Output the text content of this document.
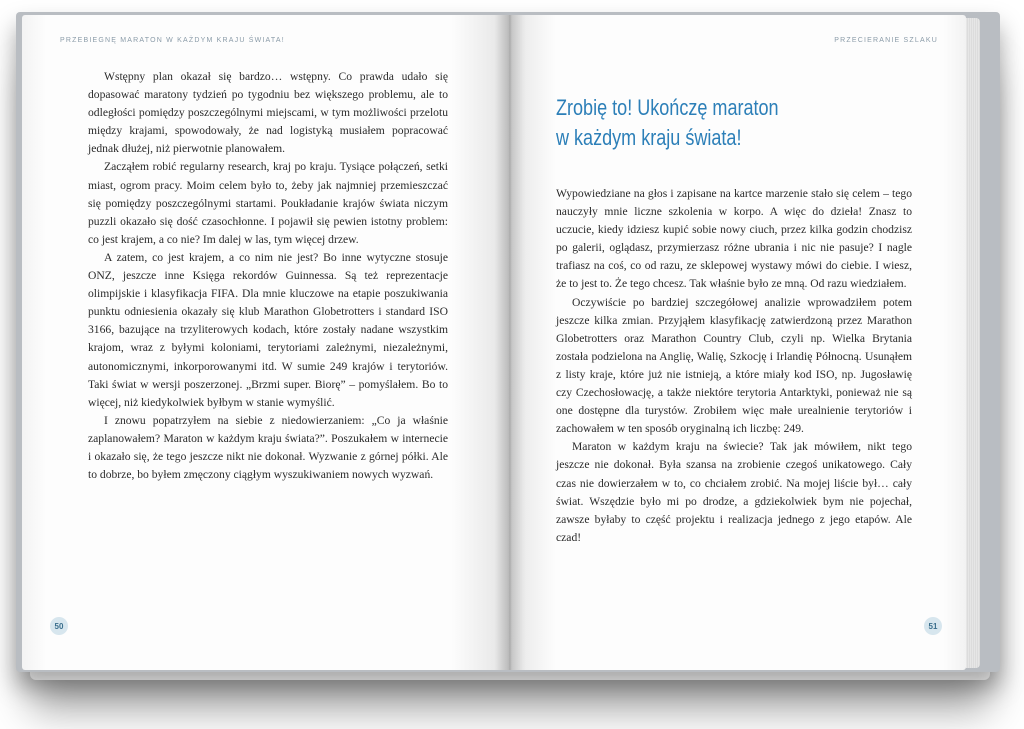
PRZEBIEGNĘ MARATON W KAŻDYM KRAJU ŚWIATA!

Wstępny plan okazał się bardzo… wstępny. Co prawda udało się dopasować maratony tydzień po tygodniu bez większego problemu, ale to odległości pomiędzy poszczególnymi miejscami, w tym możliwości przelotu między krajami, spowodowały, że nad logistyką musiałem popracować jednak dłużej, niż pierwotnie planowałem.

Zacząłem robić regularny research, kraj po kraju. Tysiące połączeń, setki miast, ogrom pracy. Moim celem było to, żeby jak najmniej przemieszczać się pomiędzy poszczególnymi startami. Poukładanie krajów świata niczym puzzli okazało się dość czasochłonne. I pojawił się pewien istotny problem: co jest krajem, a co nie? Im dalej w las, tym więcej drzew.

A zatem, co jest krajem, a co nim nie jest? Bo inne wytyczne stosuje ONZ, jeszcze inne Księga rekordów Guinnessa. Są też reprezentacje olimpijskie i klasyfikacja FIFA. Dla mnie kluczowe na etapie poszukiwania punktu odniesienia okazały się klub Marathon Globetrotters i standard ISO 3166, bazujące na trzyliterowych kodach, które zostały nadane wszystkim krajom, wraz z byłymi koloniami, terytoriami zależnymi, niezależnymi, autonomicznymi, inkorporowanymi itd. W sumie 249 krajów i terytoriów. Taki świat w wersji poszerzonej. „Brzmi super. Biorę” – pomyślałem. Bo to więcej, niż kiedykolwiek byłbym w stanie wymyślić.

I znowu popatrzyłem na siebie z niedowierzaniem: „Co ja właśnie zaplanowałem? Maraton w każdym kraju świata?”. Poszukałem w internecie i okazało się, że tego jeszcze nikt nie dokonał. Wyzwanie z górnej półki. Ale to dobrze, bo byłem zmęczony ciągłym wyszukiwaniem nowych wyzwań.

50
PRZECIERANIE SZLAKU
Zrobię to! Ukończę maraton
w każdym kraju świata!

Wypowiedziane na głos i zapisane na kartce marzenie stało się celem – tego nauczyły mnie liczne szkolenia w korpo. A więc do dzieła! Znasz to uczucie, kiedy idziesz kupić sobie nowy ciuch, przez kilka godzin chodzisz po galerii, oglądasz, przymierzasz różne ubrania i nic nie pasuje? I nagle trafiasz na coś, co od razu, ze sklepowej wystawy mówi do ciebie. I wiesz, że to jest to. Że tego chcesz. Tak właśnie było ze mną. Od razu wiedziałem.

Oczywiście po bardziej szczegółowej analizie wprowadziłem potem jeszcze kilka zmian. Przyjąłem klasyfikację zatwierdzoną przez Marathon Globetrotters oraz Marathon Country Club, czyli np. Wielka Brytania została podzielona na Anglię, Walię, Szkocję i Irlandię Północną. Usunąłem z listy kraje, które już nie istnieją, a które miały kod ISO, np. Jugosławię czy Czechosłowację, a także niektóre terytoria Antarktyki, ponieważ nie są one dostępne dla turystów. Zrobiłem więc małe urealnienie terytoriów i zachowałem w ten sposób oryginalną ich liczbę: 249.

Maraton w każdym kraju na świecie? Tak jak mówiłem, nikt tego jeszcze nie dokonał. Była szansa na zrobienie czegoś unikatowego. Cały czas nie dowierzałem w to, co chciałem zrobić. Na mojej liście był… cały świat. Wszędzie było mi po drodze, a gdziekolwiek bym nie pojechał, zawsze byłaby to część projektu i realizacja jednego z jego etapów. Ale czad!

51
